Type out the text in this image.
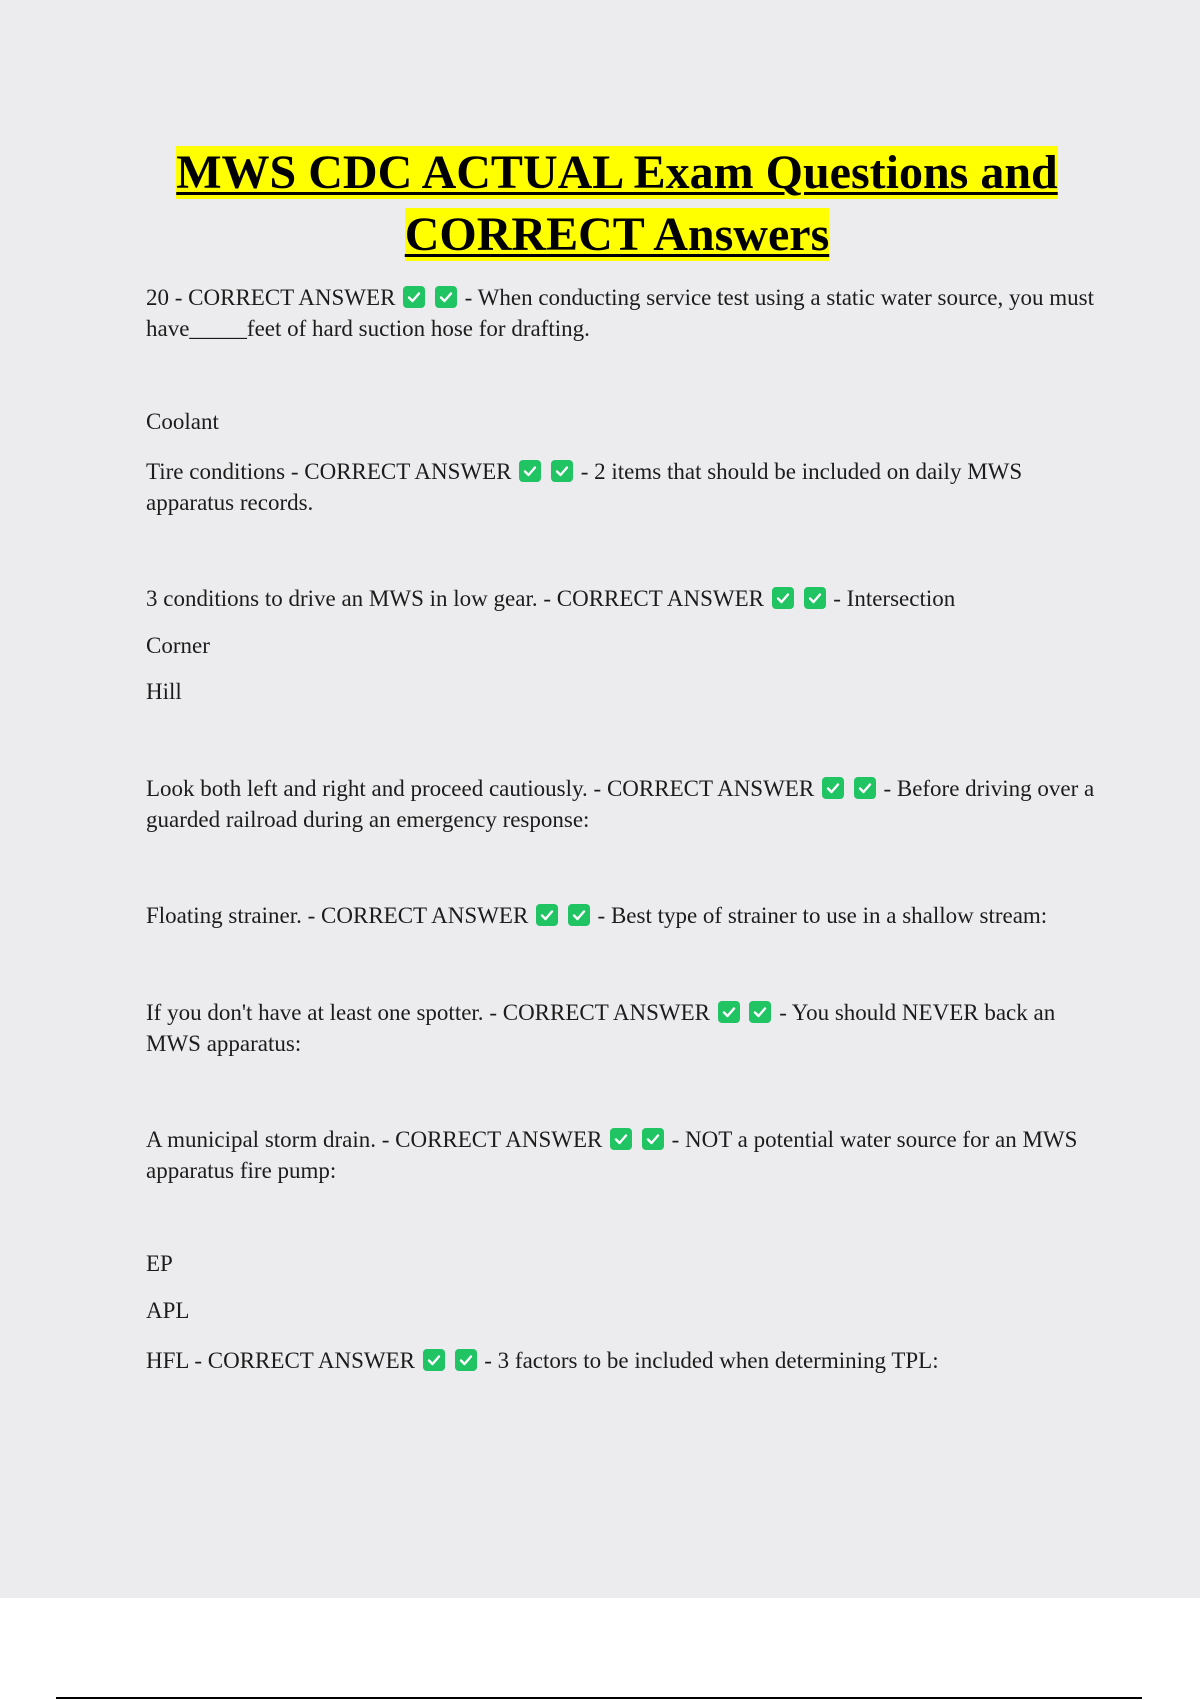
MWS CDC ACTUAL Exam Questions and
CORRECT Answers

20 - CORRECT ANSWER
	- When conducting service test using a static water source, you must have_____feet of hard suction hose for drafting.

Coolant

Tire conditions - CORRECT ANSWER
	- 2 items that should be included on daily MWS apparatus records.

3 conditions to drive an MWS in low gear. - CORRECT ANSWER
	- Intersection

Corner

Hill

Look both left and right and proceed cautiously. - CORRECT ANSWER
	- Before driving over a guarded railroad during an emergency response:

Floating strainer. - CORRECT ANSWER
	- Best type of strainer to use in a shallow stream:

If you don't have at least one spotter. - CORRECT ANSWER
	- You should NEVER back an MWS apparatus:

A municipal storm drain. - CORRECT ANSWER
	- NOT a potential water source for an MWS apparatus fire pump:

EP

APL

HFL - CORRECT ANSWER
	- 3 factors to be included when determining TPL:
